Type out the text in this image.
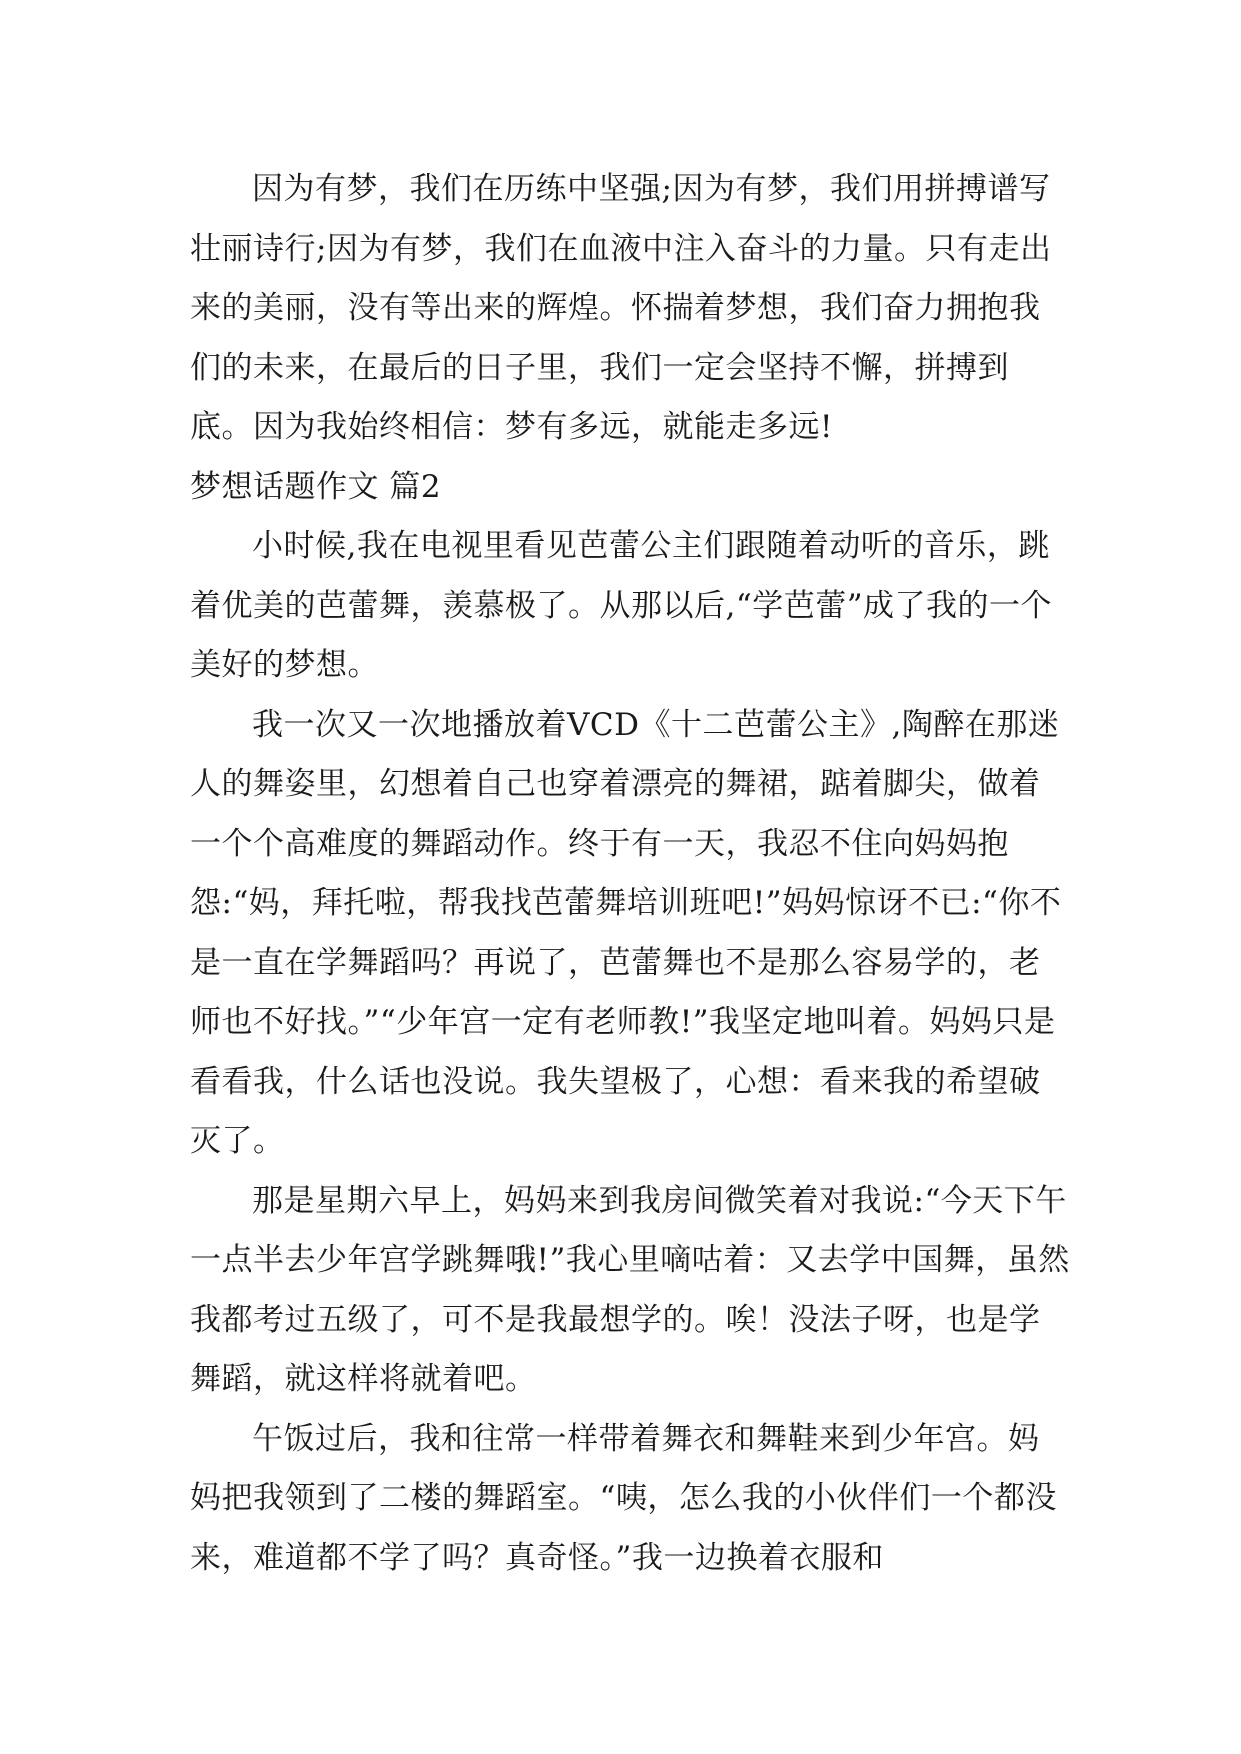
因为有梦，我们在历练中坚强;因为有梦，我们用拼搏谱写壮丽诗行;因为有梦，我们在血液中注入奋斗的力量。只有走出来的美丽，没有等出来的辉煌。怀揣着梦想，我们奋力拥抱我们的未来，在最后的日子里，我们一定会坚持不懈，拼搏到底。因为我始终相信：梦有多远，就能走多远!

梦想话题作文 篇2

小时候,我在电视里看见芭蕾公主们跟随着动听的音乐，跳着优美的芭蕾舞，羡慕极了。从那以后,“学芭蕾”成了我的一个美好的梦想。

我一次又一次地播放着VCD《十二芭蕾公主》,陶醉在那迷人的舞姿里，幻想着自己也穿着漂亮的舞裙，踮着脚尖，做着一个个高难度的舞蹈动作。终于有一天，我忍不住向妈妈抱怨:“妈，拜托啦，帮我找芭蕾舞培训班吧!”妈妈惊讶不已:“你不是一直在学舞蹈吗？再说了，芭蕾舞也不是那么容易学的，老师也不好找。”“少年宫一定有老师教!”我坚定地叫着。妈妈只是看看我，什么话也没说。我失望极了，心想：看来我的希望破灭了。

那是星期六早上，妈妈来到我房间微笑着对我说:“今天下午一点半去少年宫学跳舞哦!”我心里嘀咕着：又去学中国舞，虽然我都考过五级了，可不是我最想学的。唉！没法子呀，也是学舞蹈，就这样将就着吧。

午饭过后，我和往常一样带着舞衣和舞鞋来到少年宫。妈妈把我领到了二楼的舞蹈室。“咦，怎么我的小伙伴们一个都没来，难道都不学了吗？真奇怪。”我一边换着衣服和
